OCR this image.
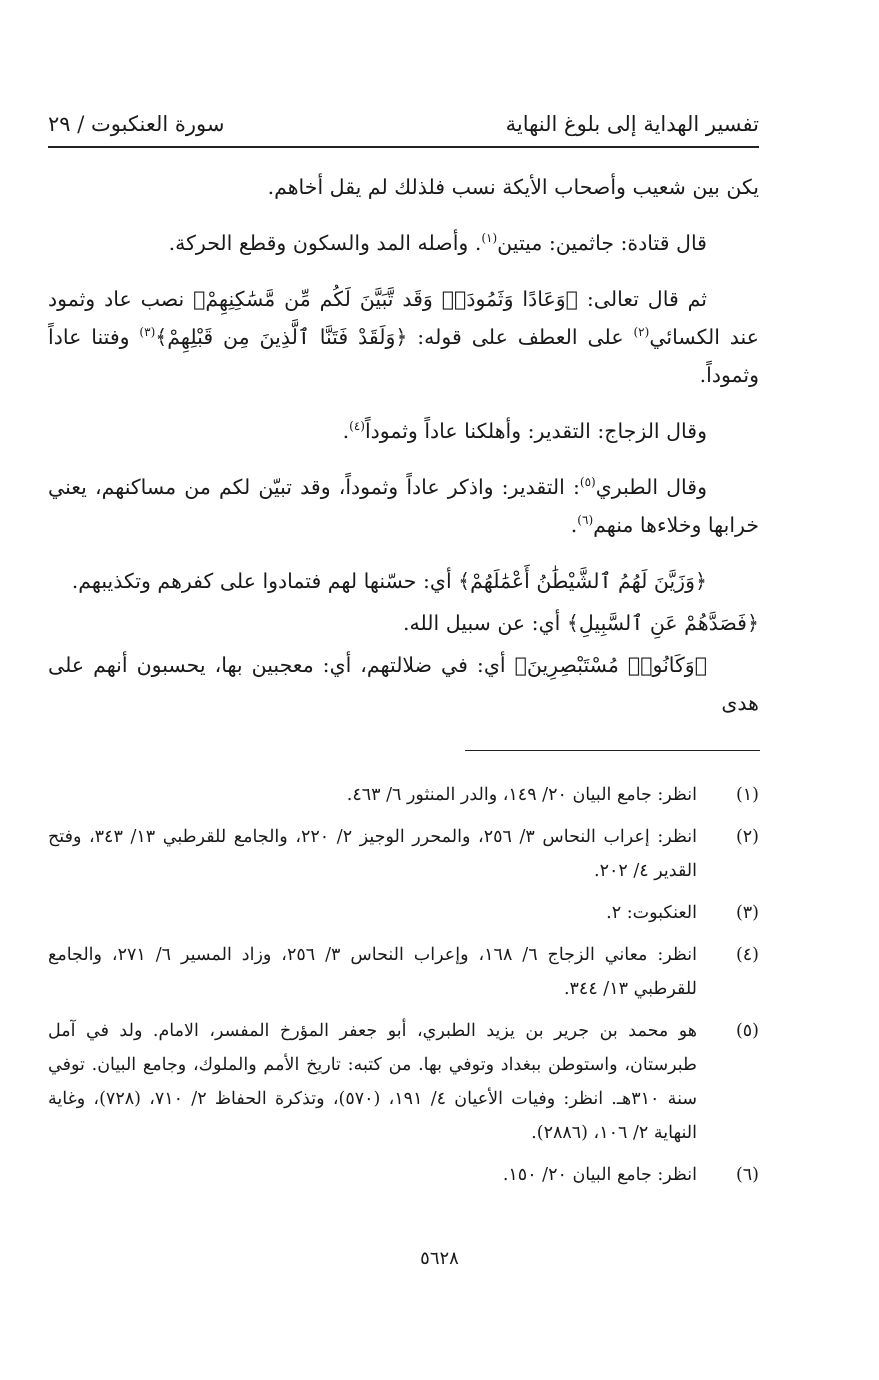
تفسير الهداية إلى بلوغ النهاية
سورة العنكبوت / ٢٩

يكن بين شعيب وأصحاب الأيكة نسب فلذلك لم يقل أخاهم.

قال قتادة: جاثمين: ميتين$^{(١)}$. وأصله المد والسكون وقطع الحركة.

ثم قال تعالى: ﴿وَعَادًا وَثَمُودَا۟ وَقَد تَّبَيَّنَ لَكُم مِّن مَّسَٰكِنِهِمْ﴾ نصب عاد وثمود عند الكسائي$^{(٢)}$ على العطف على قوله: ﴿وَلَقَدْ فَتَنَّا ٱلَّذِينَ مِن قَبْلِهِمْ﴾$^{(٣)}$ وفتنا عاداً وثموداً.

وقال الزجاج: التقدير: وأهلكنا عاداً وثموداً$^{(٤)}$.

وقال الطبري$^{(٥)}$: التقدير: واذكر عاداً وثموداً، وقد تبيّن لكم من مساكنهم، يعني خرابها وخلاءها منهم$^{(٦)}$.

﴿وَزَيَّنَ لَهُمُ ٱلشَّيْطَٰنُ أَعْمَٰلَهُمْ﴾ أي: حسّنها لهم فتمادوا على كفرهم وتكذيبهم.

﴿فَصَدَّهُمْ عَنِ ٱلسَّبِيلِ﴾ أي: عن سبيل الله.

﴿وَكَانُوا۟ مُسْتَبْصِرِينَ﴾ أي: في ضلالتهم، أي: معجبين بها، يحسبون أنهم على هدى

(١)
انظر: جامع البيان ٢٠/ ١٤٩، والدر المنثور ٦/ ٤٦٣.
(٢)
انظر: إعراب النحاس ٣/ ٢٥٦، والمحرر الوجيز ٢/ ٢٢٠، والجامع للقرطبي ١٣/ ٣٤٣، وفتح القدير ٤/ ٢٠٢.
(٣)
العنكبوت: ٢.
(٤)
انظر: معاني الزجاج ٦/ ١٦٨، وإعراب النحاس ٣/ ٢٥٦، وزاد المسير ٦/ ٢٧١، والجامع للقرطبي ١٣/ ٣٤٤.
(٥)
هو محمد بن جرير بن يزيد الطبري، أبو جعفر المؤرخ المفسر، الامام. ولد في آمل طبرستان، واستوطن ببغداد وتوفي بها. من كتبه: تاريخ الأمم والملوك، وجامع البيان. توفي سنة ٣١٠هـ. انظر: وفيات الأعيان ٤/ ١٩١، (٥٧٠)، وتذكرة الحفاظ ٢/ ٧١٠، (٧٢٨)، وغاية النهاية ٢/ ١٠٦، (٢٨٨٦).
(٦)
انظر: جامع البيان ٢٠/ ١٥٠.
٥٦٢٨
